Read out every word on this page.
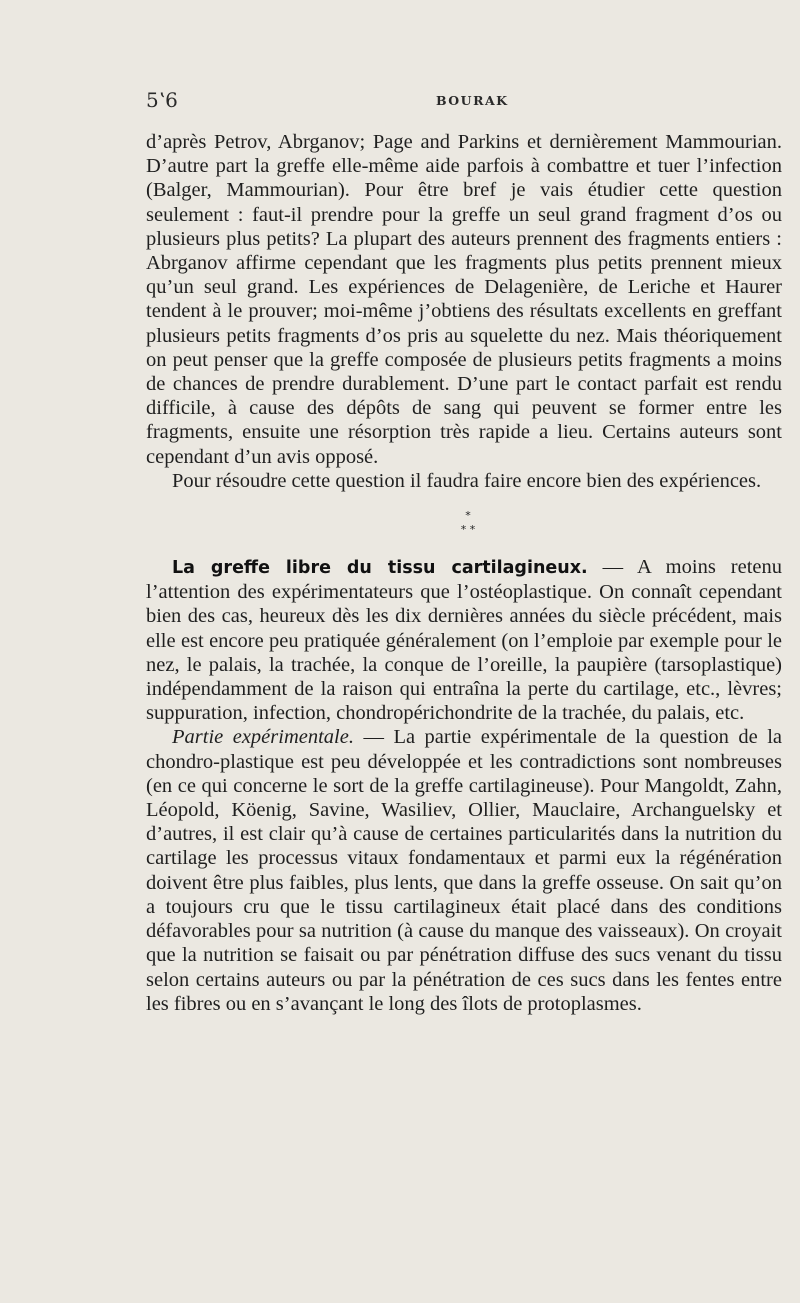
5ʽ6	BOURAK

d’après Petrov, Abrganov; Page and Parkins et dernièrement Mammourian. D’autre part la greffe elle-même aide parfois à combattre et tuer l’infection (Balger, Mammourian). Pour être bref je vais étudier cette question seulement : faut-il prendre pour la greffe un seul grand fragment d’os ou plusieurs plus petits? La plupart des auteurs prennent des fragments entiers : Abrganov affirme cependant que les fragments plus petits prennent mieux qu’un seul grand. Les expériences de Delagenière, de Leriche et Haurer tendent à le prouver; moi-même j’obtiens des résultats excellents en greffant plusieurs petits fragments d’os pris au squelette du nez. Mais théoriquement on peut penser que la greffe composée de plusieurs petits fragments a moins de chances de prendre durablement. D’une part le contact parfait est rendu difficile, à cause des dépôts de sang qui peuvent se former entre les fragments, ensuite une résorption très rapide a lieu. Certains auteurs sont cependant d’un avis opposé.

Pour résoudre cette question il faudra faire encore bien des expériences.

*
* *

La greffe libre du tissu cartilagineux. — A moins retenu l’attention des expérimentateurs que l’ostéoplastique. On connaît cependant bien des cas, heureux dès les dix dernières années du siècle précédent, mais elle est encore peu pratiquée généralement (on l’emploie par exemple pour le nez, le palais, la trachée, la conque de l’oreille, la paupière (tarsoplastique) indépendamment de la raison qui entraîna la perte du cartilage, etc., lèvres; suppuration, infection, chondropérichondrite de la trachée, du palais, etc.

Partie expérimentale. — La partie expérimentale de la question de la chondro-plastique est peu développée et les contradictions sont nombreuses (en ce qui concerne le sort de la greffe cartilagineuse). Pour Mangoldt, Zahn, Léopold, Köenig, Savine, Wasiliev, Ollier, Mauclaire, Archanguelsky et d’autres, il est clair qu’à cause de certaines particularités dans la nutrition du cartilage les processus vitaux fondamentaux et parmi eux la régénération doivent être plus faibles, plus lents, que dans la greffe osseuse. On sait qu’on a toujours cru que le tissu cartilagineux était placé dans des conditions défavorables pour sa nutrition (à cause du manque des vaisseaux). On croyait que la nutrition se faisait ou par pénétration diffuse des sucs venant du tissu selon certains auteurs ou par la pénétration de ces sucs dans les fentes entre les fibres ou en s’avançant le long des îlots de protoplasmes.
